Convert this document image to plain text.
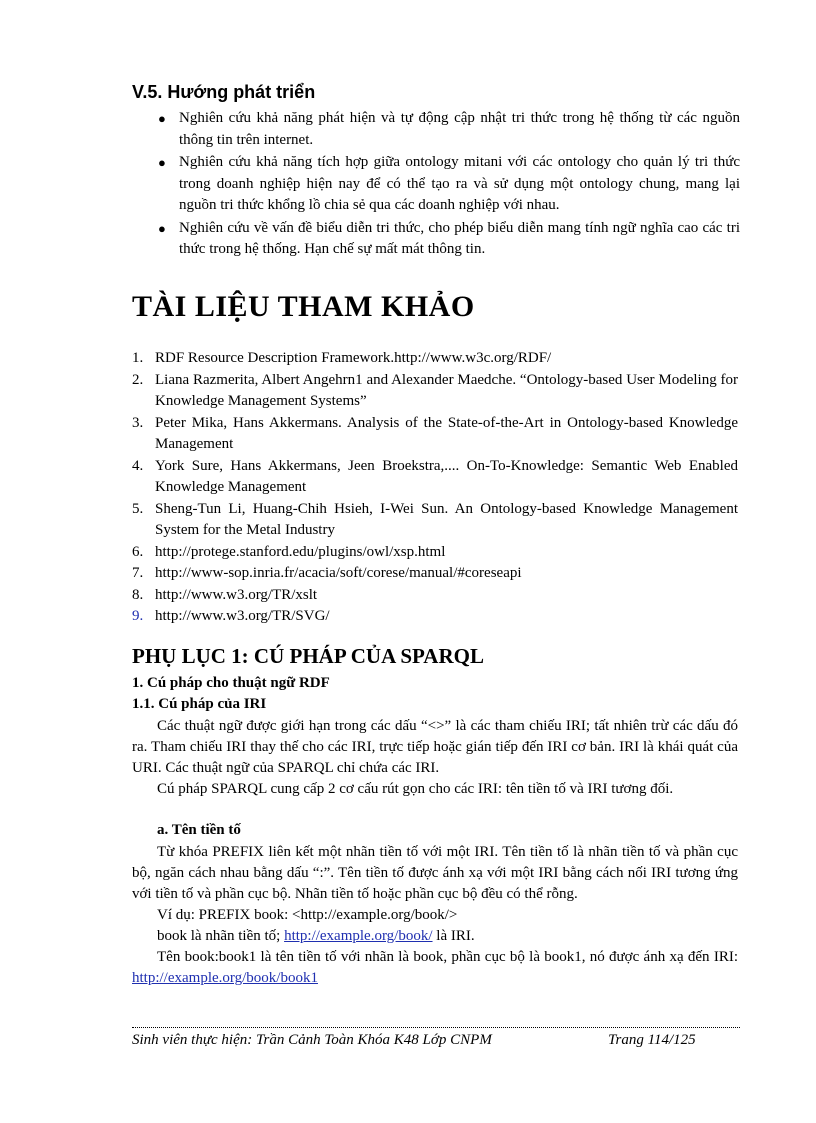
V.5. Hướng phát triển
● Nghiên cứu khả năng phát hiện và tự động cập nhật tri thức trong hệ thống từ các nguồn thông tin trên internet.
● Nghiên cứu khả năng tích hợp giữa ontology mitani với các ontology cho quản lý tri thức trong doanh nghiệp hiện nay để có thể tạo ra và sử dụng một ontology chung, mang lại nguồn tri thức khổng lồ chia sẻ qua các doanh nghiệp với nhau.
● Nghiên cứu về vấn đề biểu diễn tri thức, cho phép biểu diễn mang tính ngữ nghĩa cao các tri thức trong hệ thống. Hạn chế sự mất mát thông tin.
TÀI LIỆU THAM KHẢO
1. RDF Resource Description Framework.http://www.w3c.org/RDF/
2. Liana Razmerita, Albert Angehrn1 and Alexander Maedche. “Ontology-based User Modeling for Knowledge Management Systems”
3. Peter Mika, Hans Akkermans. Analysis of the State-of-the-Art in Ontology-based Knowledge Management
4. York Sure, Hans Akkermans, Jeen Broekstra,.... On-To-Knowledge: Semantic Web Enabled Knowledge Management
5. Sheng-Tun Li, Huang-Chih Hsieh, I-Wei Sun. An Ontology-based Knowledge Management System for the Metal Industry
6. http://protege.stanford.edu/plugins/owl/xsp.html
7. http://www-sop.inria.fr/acacia/soft/corese/manual/#coreseapi
8. http://www.w3.org/TR/xslt
9. http://www.w3.org/TR/SVG/
PHỤ LỤC 1: CÚ PHÁP CỦA SPARQL
1. Cú pháp cho thuật ngữ RDF
1.1. Cú pháp của IRI

Các thuật ngữ được giới hạn trong các dấu “<>” là các tham chiếu IRI; tất nhiên trừ các dấu đó ra. Tham chiếu IRI thay thế cho các IRI, trực tiếp hoặc gián tiếp đến IRI cơ bản. IRI là khái quát của URI. Các thuật ngữ của SPARQL chỉ chứa các IRI.

Cú pháp SPARQL cung cấp 2 cơ cấu rút gọn cho các IRI: tên tiền tố và IRI tương đối.

a. Tên tiền tố

Từ khóa PREFIX liên kết một nhãn tiền tố với một IRI. Tên tiền tố là nhãn tiền tố và phần cục bộ, ngăn cách nhau bằng dấu “:”. Tên tiền tố được ánh xạ với một IRI bằng cách nối IRI tương ứng với tiền tố và phần cục bộ. Nhãn tiền tố hoặc phần cục bộ đều có thể rỗng.

Ví dụ: PREFIX book: <http://example.org/book/>

book là nhãn tiền tố; http://example.org/book/ là IRI.

Tên book:book1 là tên tiền tố với nhãn là book, phần cục bộ là book1, nó được ánh xạ đến IRI: http://example.org/book/book1

Sinh viên thực hiện: Trần Cảnh Toàn Khóa K48 Lớp CNPM	Trang 114/125
